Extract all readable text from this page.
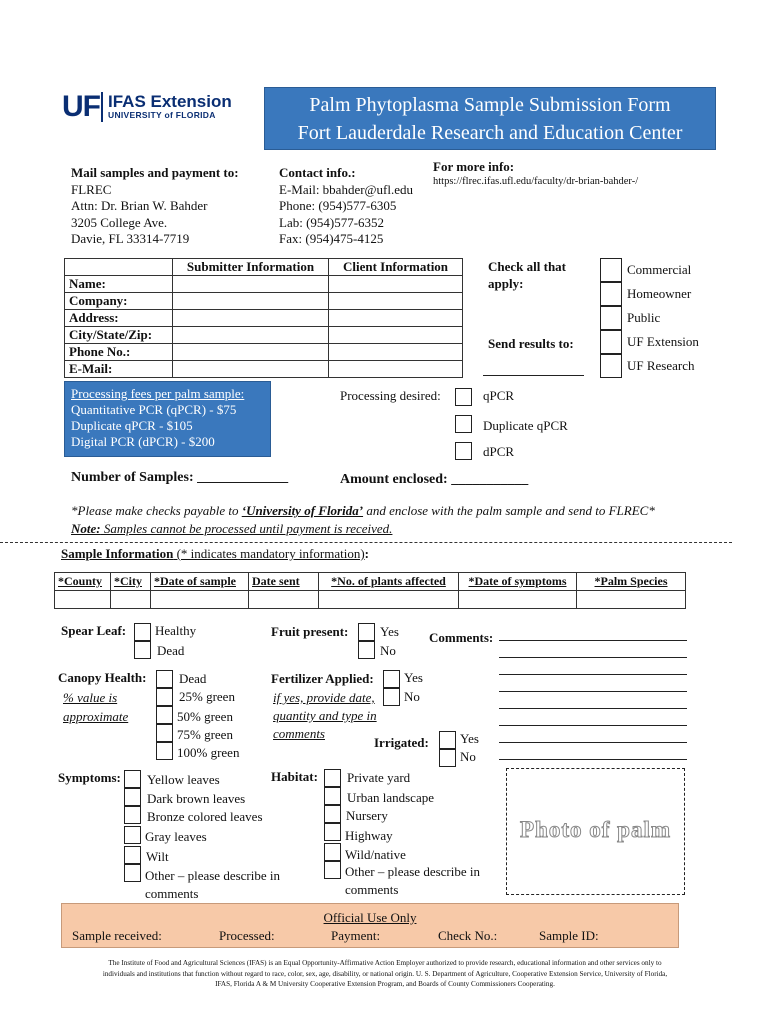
UF IFAS Extension
UNIVERSITY of FLORIDA	Palm Phytoplasma Sample Submission Form
Fort Lauderdale Research and Education Center
Mail samples and payment to:
FLREC
Attn: Dr. Brian W. Bahder
3205 College Ave.
Davie, FL 33314-7719
Contact info.:
E-Mail: bbahder@ufl.edu
Phone: (954)577-6305
Lab: (954)577-6352
Fax: (954)475-4125
For more info:
https://flrec.ifas.ufl.edu/faculty/dr-brian-bahder-/
	Submitter Information	Client Information
Name:		
Company:		
Address:		
City/State/Zip:		
Phone No.:		
E-Mail:		
Check all that
apply:
Send results to:
Commercial
Homeowner
Public
UF Extension
UF Research
Processing fees per palm sample:
Quantitative PCR (qPCR) - $75
Duplicate qPCR - $105
Digital PCR (dPCR) - $200
Processing desired:	qPCR
Duplicate qPCR
dPCR
Number of Samples: _____________	Amount enclosed: ___________
*Please make checks payable to ‘University of Florida’ and enclose with the palm sample and send to FLREC*
Note: Samples cannot be processed until payment is received.
Sample Information (* indicates mandatory information):
*County	*City	*Date of sample	Date sent	*No. of plants affected	*Date of symptoms	*Palm Species

Spear Leaf: Healthy
Dead
Fruit present: Yes
No
Comments:
Canopy Health:
% value is
approximate
Dead
25% green
50% green
75% green
100% green
Fertilizer Applied:
if yes, provide date,
quantity and type in
comments
Yes
No
Irrigated: Yes
No
Symptoms: Yellow leaves
Dark brown leaves
Bronze colored leaves
Gray leaves
Wilt
Other – please describe in
comments
Habitat: Private yard
Urban landscape
Nursery
Highway
Wild/native
Other – please describe in
comments
Photo of palm
Official Use Only
Sample received:	Processed:	Payment:	Check No.:	Sample ID:
The Institute of Food and Agricultural Sciences (IFAS) is an Equal Opportunity-Affirmative Action Employer authorized to provide research, educational information and other services only to
individuals and institutions that function without regard to race, color, sex, age, disability, or national origin. U. S. Department of Agriculture, Cooperative Extension Service, University of Florida,
IFAS, Florida A & M University Cooperative Extension Program, and Boards of County Commissioners Cooperating.
